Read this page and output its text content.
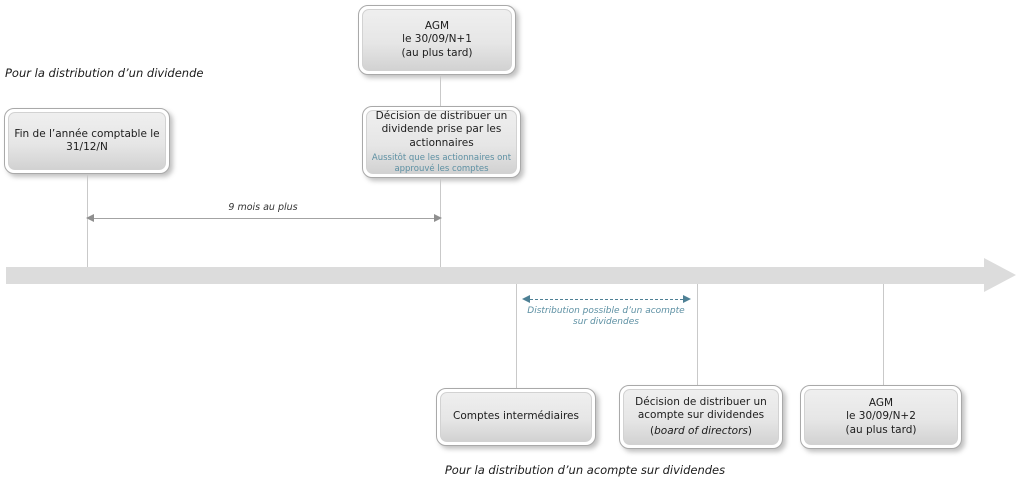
Pour la distribution d’un dividende
AGM
le 30/09/N+1
(au plus tard)
Fin de l’année comptable le
31/12/N
Décision de distribuer un
dividende prise par les
actionnaires
Aussitôt que les actionnaires ont
approuvé les comptes
9 mois au plus
Distribution possible d’un acompte
sur dividendes
Comptes intermédiaires
Décision de distribuer un
acompte sur dividendes
(board of directors)
AGM
le 30/09/N+2
(au plus tard)
Pour la distribution d’un acompte sur dividendes
